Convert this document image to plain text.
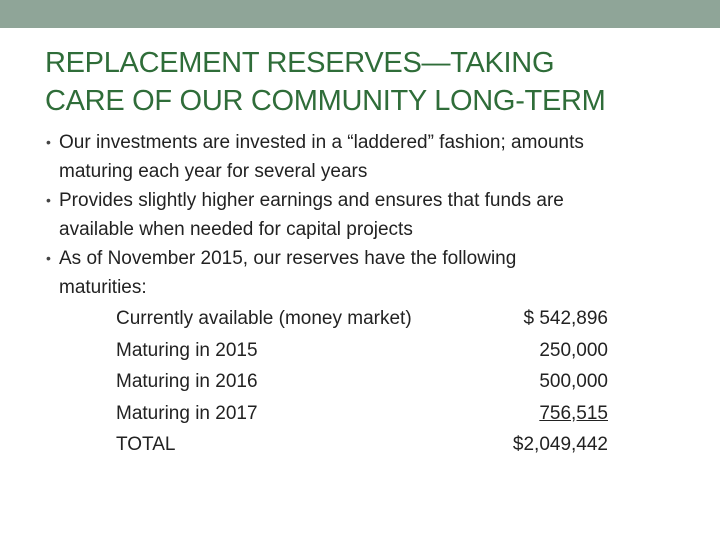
REPLACEMENT RESERVES—TAKING
CARE OF OUR COMMUNITY LONG-TERM
• Our investments are invested in a “laddered” fashion; amounts
maturing each year for several years
• Provides slightly higher earnings and ensures that funds are
available when needed for capital projects
• As of November 2015, our reserves have the following
maturities:
Currently available (money market)	$ 542,896
Maturing in 2015	250,000
Maturing in 2016	500,000
Maturing in 2017	756,515
TOTAL	$2,049,442
